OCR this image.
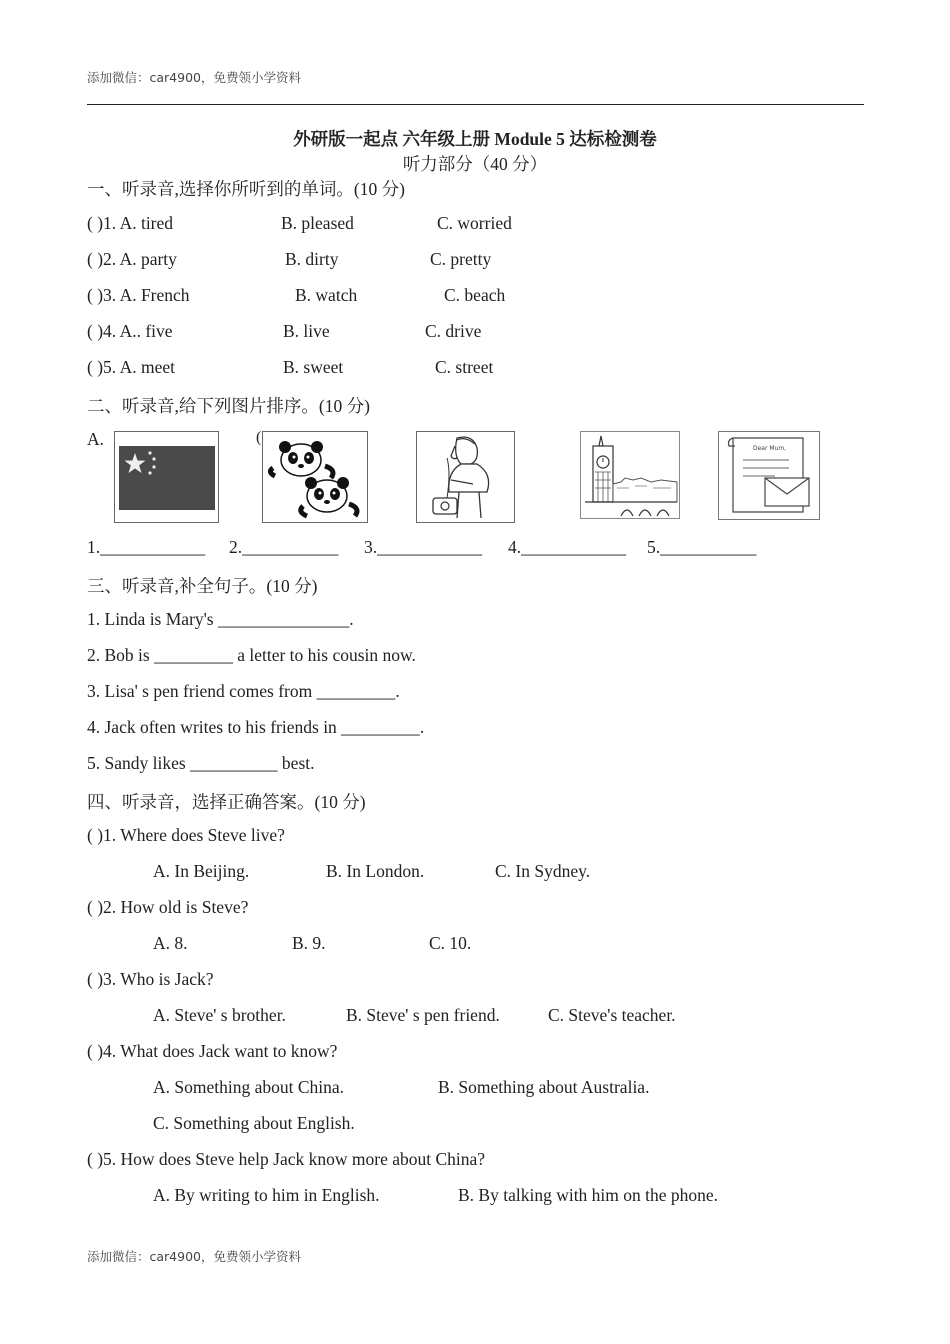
添加微信：car4900，免费领小学资料
外研版一起点 六年级上册 Module 5 达标检测卷
听力部分（40 分）
一、听录音,选择你所听到的单词。(10 分)
( )1. A. tired	B. pleased	C. worried
( )2. A. party	B. dirty	C. pretty
( )3. A. French	B. watch	C. beach
( )4. A.. five	B. live	C. drive
( )5. A. meet	B. sweet	C. street
二、听录音,给下列图片排序。(10 分)
A.	(
Dear Mum,
1.____________ 2.___________ 3.____________ 4.____________ 5.___________
三、听录音,补全句子。(10 分)
1. Linda is Mary's _______________.
2. Bob is _________ a letter to his cousin now.
3. Lisa' s pen friend comes from _________.
4. Jack often writes to his friends in _________.
5. Sandy likes __________ best.
四、听录音，选择正确答案。(10 分)
( )1. Where does Steve live?
A. In Beijing.	B. In London.	C. In Sydney.
( )2. How old is Steve?
A. 8.	B. 9.	C. 10.
( )3. Who is Jack?
A. Steve' s brother.	B. Steve' s pen friend.	C. Steve's teacher.
( )4. What does Jack want to know?
A. Something about China.	B. Something about Australia.
C. Something about English.
( )5. How does Steve help Jack know more about China?
A. By writing to him in English.	B. By talking with him on the phone.
添加微信：car4900，免费领小学资料
